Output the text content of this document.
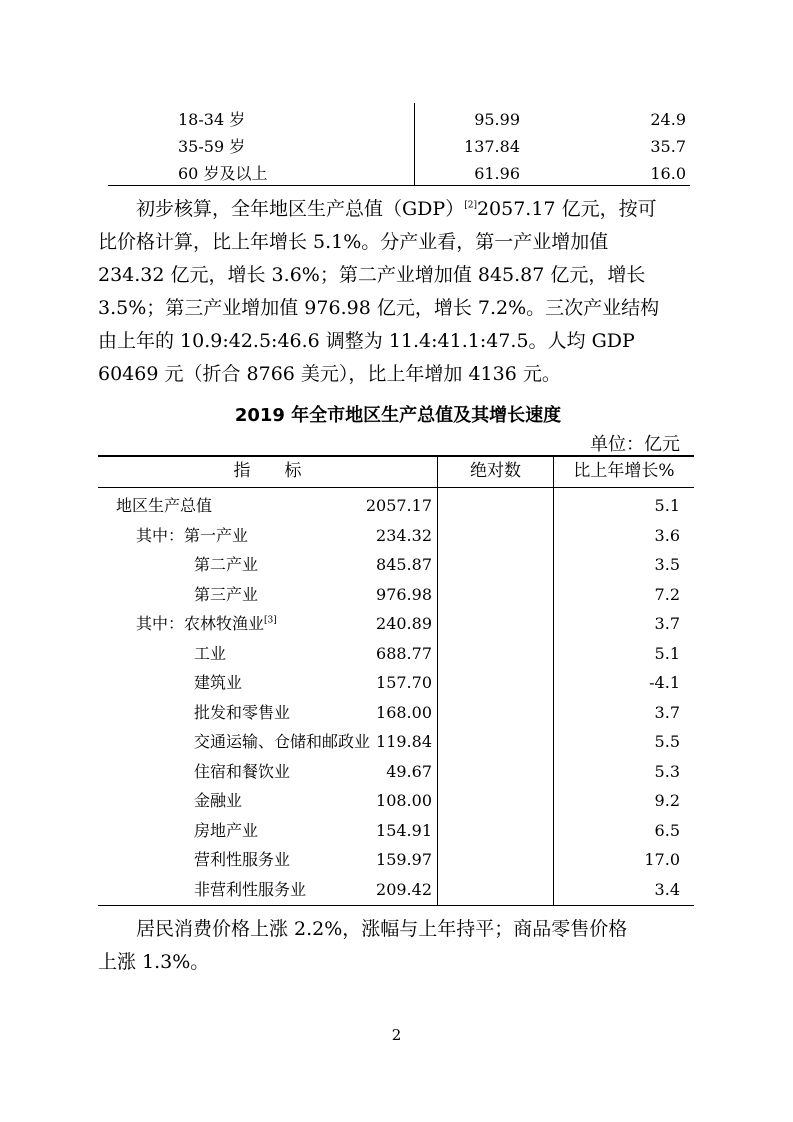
18-34 岁	95.99	24.9
35-59 岁	137.84	35.7
60 岁及以上	61.96	16.0
初步核算，全年地区生产总值（GDP）[2]2057.17 亿元，按可
比价格计算，比上年增长 5.1%。分产业看，第一产业增加值
234.32 亿元，增长 3.6%；第二产业增加值 845.87 亿元，增长
3.5%；第三产业增加值 976.98 亿元，增长 7.2%。三次产业结构
由上年的 10.9:42.5:46.6 调整为 11.4:41.1:47.5。人均 GDP
60469 元（折合 8766 美元），比上年增加 4136 元。
2019 年全市地区生产总值及其增长速度
单位：亿元
指　　标	绝对数	比上年增长%
地区生产总值	2057.17	5.1
其中：第一产业	234.32	3.6
第二产业	845.87	3.5
第三产业	976.98	7.2
其中：农林牧渔业[3]	240.89	3.7
工业	688.77	5.1
建筑业	157.70	-4.1
批发和零售业	168.00	3.7
交通运输、仓储和邮政业 119.84	5.5
住宿和餐饮业	49.67	5.3
金融业	108.00	9.2
房地产业	154.91	6.5
营利性服务业	159.97	17.0
非营利性服务业	209.42	3.4
居民消费价格上涨 2.2%，涨幅与上年持平；商品零售价格
上涨 1.3%。
2
